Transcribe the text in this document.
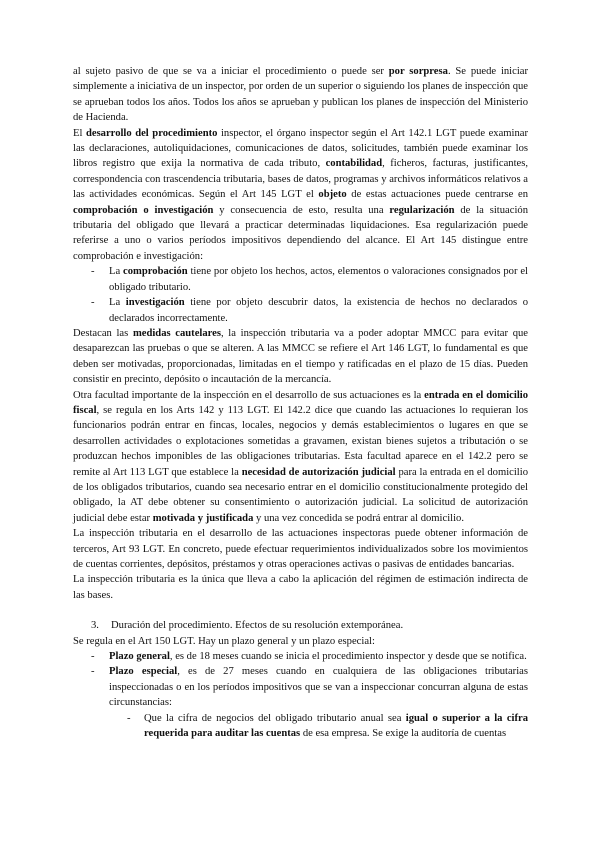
al sujeto pasivo de que se va a iniciar el procedimiento o puede ser por sorpresa. Se puede iniciar simplemente a iniciativa de un inspector, por orden de un superior o siguiendo los planes de inspección que se aprueban todos los años. Todos los años se aprueban y publican los planes de inspección del Ministerio de Hacienda.

El desarrollo del procedimiento inspector, el órgano inspector según el Art 142.1 LGT puede examinar las declaraciones, autoliquidaciones, comunicaciones de datos, solicitudes, también puede examinar los libros registro que exija la normativa de cada tributo, contabilidad, ficheros, facturas, justificantes, correspondencia con trascendencia tributaria, bases de datos, programas y archivos informáticos relativos a las actividades económicas. Según el Art 145 LGT el objeto de estas actuaciones puede centrarse en comprobación o investigación y consecuencia de esto, resulta una regularización de la situación tributaria del obligado que llevará a practicar determinadas liquidaciones. Esa regularización puede referirse a uno o varios períodos impositivos dependiendo del alcance. El Art 145 distingue entre comprobación e investigación:

- La comprobación tiene por objeto los hechos, actos, elementos o valoraciones consignados por el obligado tributario.
- La investigación tiene por objeto descubrir datos, la existencia de hechos no declarados o declarados incorrectamente.

Destacan las medidas cautelares, la inspección tributaria va a poder adoptar MMCC para evitar que desaparezcan las pruebas o que se alteren. A las MMCC se refiere el Art 146 LGT, lo fundamental es que deben ser motivadas, proporcionadas, limitadas en el tiempo y ratificadas en el plazo de 15 días. Pueden consistir en precinto, depósito o incautación de la mercancía.

Otra facultad importante de la inspección en el desarrollo de sus actuaciones es la entrada en el domicilio fiscal, se regula en los Arts 142 y 113 LGT. El 142.2 dice que cuando las actuaciones lo requieran los funcionarios podrán entrar en fincas, locales, negocios y demás establecimientos o lugares en que se desarrollen actividades o explotaciones sometidas a gravamen, existan bienes sujetos a tributación o se produzcan hechos imponibles de las obligaciones tributarias. Esta facultad aparece en el 142.2 pero se remite al Art 113 LGT que establece la necesidad de autorización judicial para la entrada en el domicilio de los obligados tributarios, cuando sea necesario entrar en el domicilio constitucionalmente protegido del obligado, la AT debe obtener su consentimiento o autorización judicial. La solicitud de autorización judicial debe estar motivada y justificada y una vez concedida se podrá entrar al domicilio.

La inspección tributaria en el desarrollo de las actuaciones inspectoras puede obtener información de terceros, Art 93 LGT. En concreto, puede efectuar requerimientos individualizados sobre los movimientos de cuentas corrientes, depósitos, préstamos y otras operaciones activas o pasivas de entidades bancarias.

La inspección tributaria es la única que lleva a cabo la aplicación del régimen de estimación indirecta de las bases.

3. Duración del procedimiento. Efectos de su resolución extemporánea.

Se regula en el Art 150 LGT. Hay un plazo general y un plazo especial:

- Plazo general, es de 18 meses cuando se inicia el procedimiento inspector y desde que se notifica.
- Plazo especial, es de 27 meses cuando en cualquiera de las obligaciones tributarias inspeccionadas o en los períodos impositivos que se van a inspeccionar concurran alguna de estas circunstancias:
- Que la cifra de negocios del obligado tributario anual sea igual o superior a la cifra requerida para auditar las cuentas de esa empresa. Se exige la auditoría de cuentas
